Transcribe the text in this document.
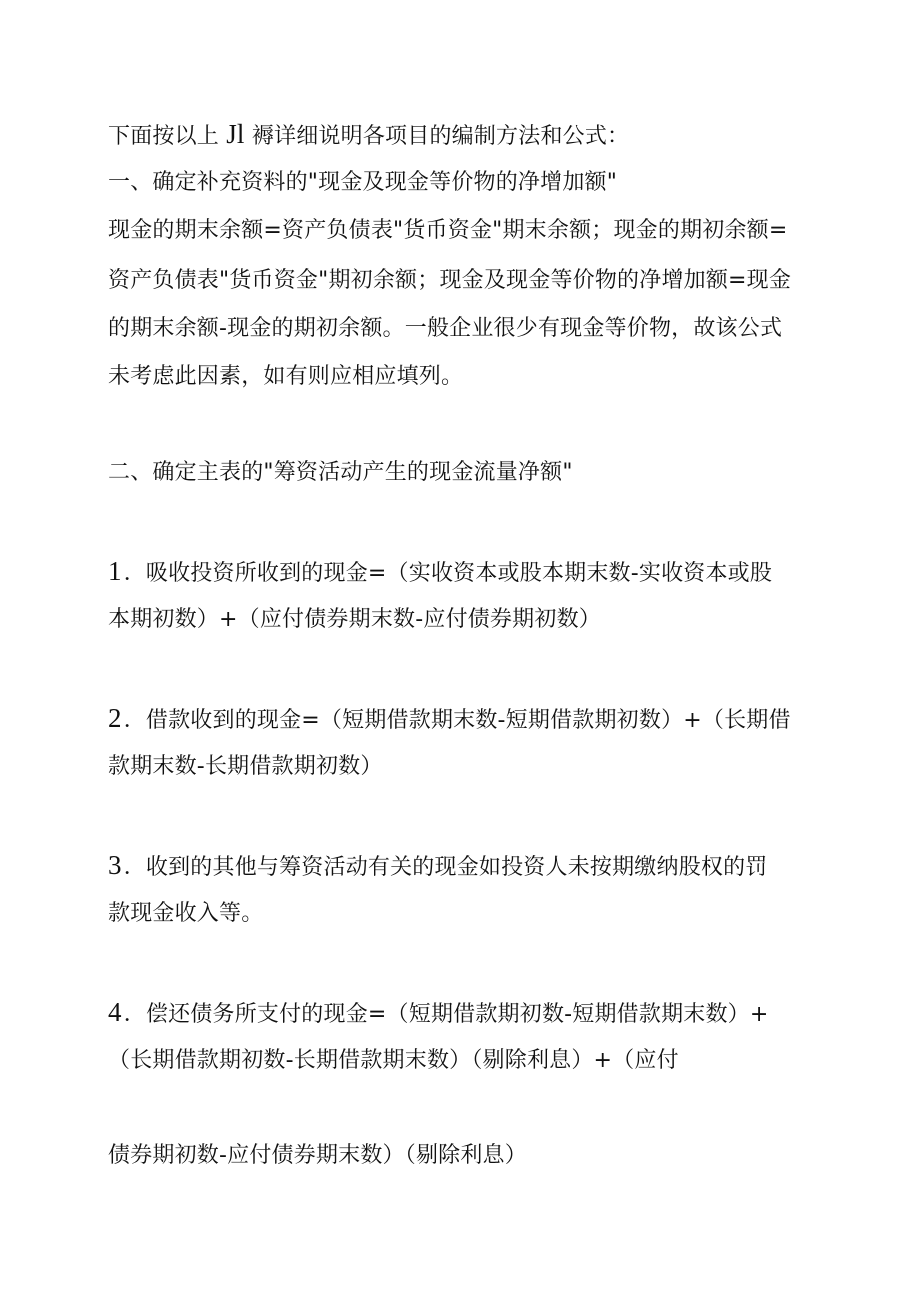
下面按以上 Jl 褥详细说明各项目的编制方法和公式：
一、确定补充资料的"现金及现金等价物的净增加额"
现金的期末余额=资产负债表"货币资金"期末余额；现金的期初余额=
资产负债表"货币资金"期初余额；现金及现金等价物的净增加额=现金
的期末余额-现金的期初余额。一般企业很少有现金等价物，故该公式
未考虑此因素，如有则应相应填列。
二、确定主表的"筹资活动产生的现金流量净额"
1．吸收投资所收到的现金=（实收资本或股本期末数-实收资本或股
本期初数）+（应付债券期末数-应付债券期初数）
2．借款收到的现金=（短期借款期末数-短期借款期初数）+（长期借
款期末数-长期借款期初数）
3．收到的其他与筹资活动有关的现金如投资人未按期缴纳股权的罚
款现金收入等。
4．偿还债务所支付的现金=（短期借款期初数-短期借款期末数）+
（长期借款期初数-长期借款期末数）（剔除利息）+（应付
债券期初数-应付债券期末数）（剔除利息）
